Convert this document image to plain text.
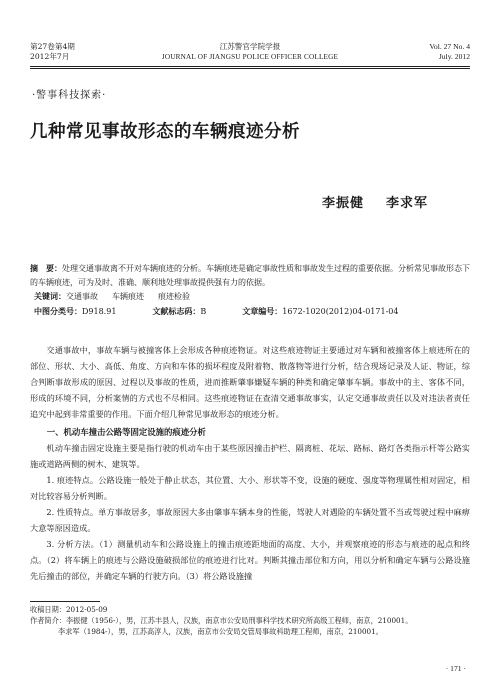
第27卷第4期
2012年7月
江苏警官学院学报
JOURNAL OF JIANGSU POLICE OFFICER COLLEGE
Vol. 27 No. 4
July. 2012
·警事科技探索·
几种常见事故形态的车辆痕迹分析
李振健 李求军
摘　要：处理交通事故离不开对车辆痕迹的分析。车辆痕迹是确定事故性质和事故发生过程的重要依据。分析常见事故形态下的车辆痕迹，可为及时、准确、顺利地处理事故提供强有力的依据。
关键词：交通事故 车辆痕迹 痕迹检验
中图分类号：D918.91	文献标志码：B	文章编号：1672-1020(2012)04-0171-04

交通事故中，事故车辆与被撞客体上会形成各种痕迹物证。对这些痕迹物证主要通过对车辆和被撞客体上痕迹所在的部位、形状、大小、高低、角度、方向和车体的损坏程度及附着物、散落物等进行分析，结合现场记录及人证、物证，综合判断事故形成的原因、过程以及事故的性质，进而推断肇事嫌疑车辆的种类和确定肇事车辆。事故中的主、客体不同，形成的环境不同，分析案情的方式也不尽相同。这些痕迹物证在查清交通事故事实，认定交通事故责任以及对违法者责任追究中起到非常重要的作用。下面介绍几种常见事故形态的痕迹分析。

一、机动车撞击公路等固定设施的痕迹分析

机动车撞击固定设施主要是指行驶的机动车由于某些原因撞击护栏、隔离桩、花坛、路标、路灯各类指示杆等公路实施或道路两侧的树木、建筑等。

1. 痕迹特点。公路设施一般处于静止状态，其位置、大小、形状等不变，设施的硬度、强度等物理属性相对固定，相对比较容易分析判断。

2. 性质特点。单方事故居多，事故原因大多由肇事车辆本身的性能，驾驶人对遇险的车辆处置不当或驾驶过程中麻痹大意等原因造成。

3. 分析方法。（1）测量机动车和公路设施上的撞击痕迹距地面的高度、大小，并观察痕迹的形态与痕迹的起点和终点。（2）将车辆上的痕迹与公路设施破损部位的痕迹进行比对。判断其撞击部位和方向，用以分析和确定车辆与公路设施先后撞击的部位，并确定车辆的行驶方向。（3）将公路设施撞

收稿日期：2012-05-09
作者简介：李振健（1956-），男，江苏丰县人，汉族，南京市公安局刑事科学技术研究所高级工程师，南京，210001。
李求军（1984-），男，江苏高淳人，汉族，南京市公安局交管局事故科助理工程师，南京，210001。
· 171 ·
